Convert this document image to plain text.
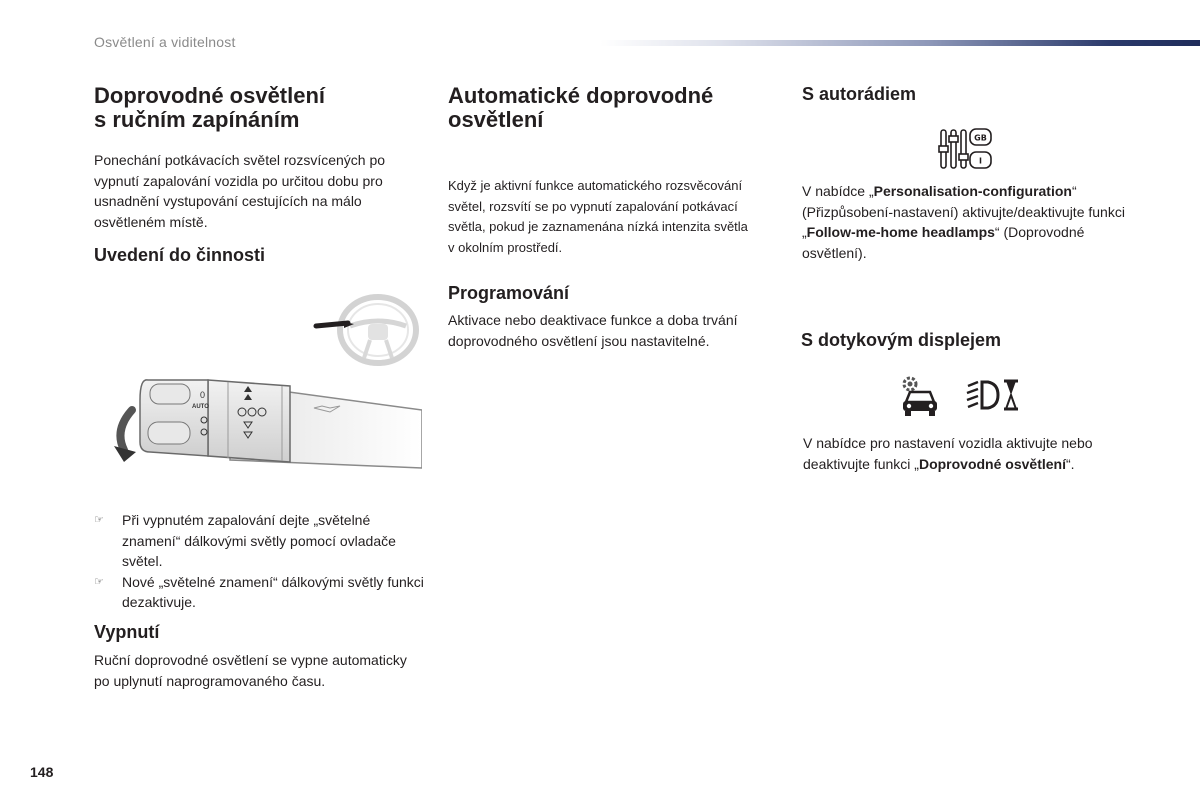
Osvětlení a viditelnost
Doprovodné osvětlení
s ručním zapínáním

Ponechání potkávacích světel rozsvícených po vypnutí zapalování vozidla po určitou dobu pro usnadnění vystupování cestujících na málo osvětleném místě.

Uvedení do činnosti
0
AUTO
☞ Při vypnutém zapalování dejte „světelné znamení“ dálkovými světly pomocí ovladače světel.
☞ Nové „světelné znamení“ dálkovými světly funkci dezaktivuje.
Vypnutí

Ruční doprovodné osvětlení se vypne automaticky po uplynutí naprogramovaného času.

Automatické doprovodné
osvětlení

Když je aktivní funkce automatického rozsvěcování světel, rozsvítí se po vypnutí zapalování potkávací světla, pokud je zaznamenána nízká intenzita světla v okolním prostředí.

Programování

Aktivace nebo deaktivace funkce a doba trvání doprovodného osvětlení jsou nastavitelné.

S autorádiem
GB
I

V nabídce „Personalisation-configuration“ (Přizpůsobení-nastavení) aktivujte/deaktivujte funkci „Follow-me-home headlamps“ (Doprovodné osvětlení).

S dotykovým displejem

V nabídce pro nastavení vozidla aktivujte nebo deaktivujte funkci „Doprovodné osvětlení“.

148
